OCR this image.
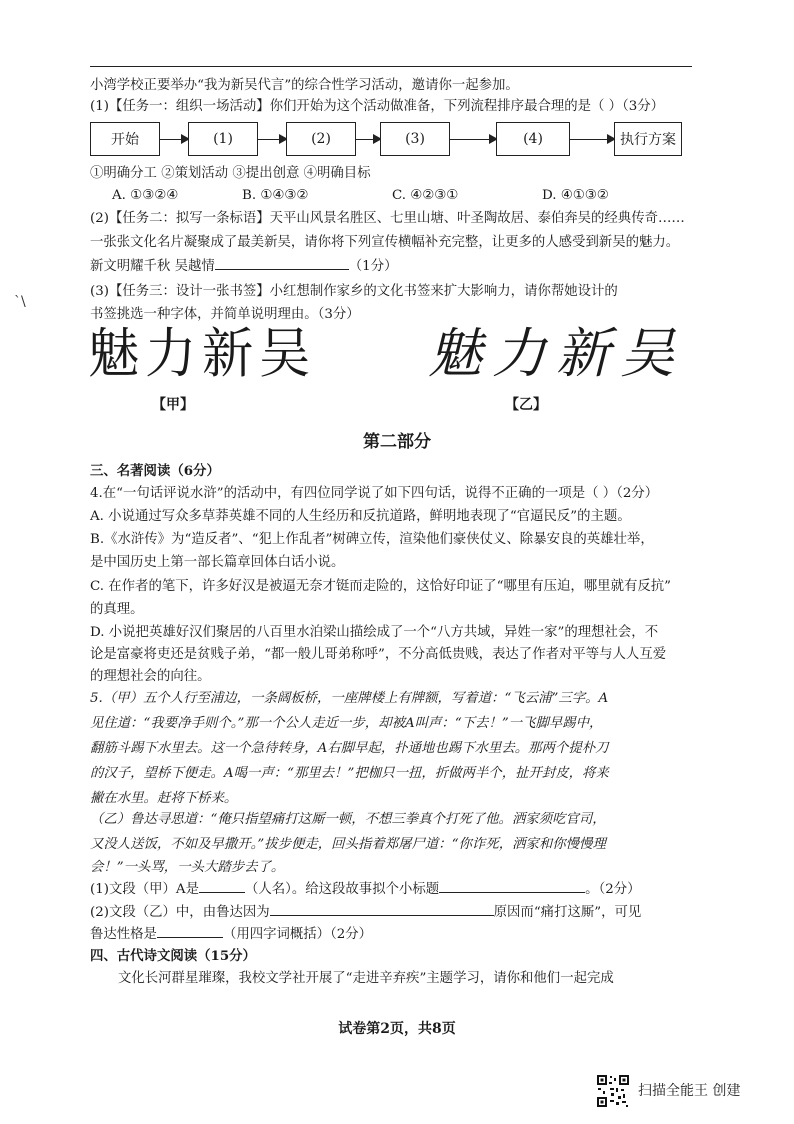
小湾学校正要举办“我为新吴代言”的综合性学习活动，邀请你一起参加。
(1)【任务一：组织一场活动】你们开始为这个活动做准备，下列流程排序最合理的是（ ）（3分）
开始	(1)	(2)	(3)	(4)	执行方案
①明确分工 ②策划活动 ③提出创意 ④明确目标
A. ①③②④	B. ①④③②	C. ④②③①	D. ④①③②
(2)【任务二：拟写一条标语】天平山风景名胜区、七里山塘、叶圣陶故居、泰伯奔吴的经典传奇……
一张张文化名片凝聚成了最美新吴，请你将下列宣传横幅补充完整，让更多的人感受到新吴的魅力。
新文明耀千秋 吴越情	（1分）
(3)【任务三：设计一张书签】小红想制作家乡的文化书签来扩大影响力，请你帮她设计的
书签挑选一种字体，并简单说明理由。（3分）
魅力新吴 魅力新吴
【甲】	【乙】
第二部分
三、名著阅读（6分）
4.在“一句话评说水浒”的活动中，有四位同学说了如下四句话，说得不正确的一项是（ ）（2分）
A. 小说通过写众多草莽英雄不同的人生经历和反抗道路，鲜明地表现了“官逼民反”的主题。
B.《水浒传》为“造反者”、“犯上作乱者”树碑立传，渲染他们豪侠仗义、除暴安良的英雄壮举，
是中国历史上第一部长篇章回体白话小说。
C. 在作者的笔下，许多好汉是被逼无奈才铤而走险的，这恰好印证了“哪里有压迫，哪里就有反抗”
的真理。
D. 小说把英雄好汉们聚居的八百里水泊梁山描绘成了一个“八方共域，异姓一家”的理想社会，不
论是富豪将吏还是贫贱子弟，“都一般儿哥弟称呼”，不分高低贵贱，表达了作者对平等与人人互爱
的理想社会的向往。
5.（甲）五个人行至浦边，一条阔板桥，一座牌楼上有牌额，写着道：“飞云浦”三字。A
见住道：“我要净手则个。”那一个公人走近一步，却被A叫声：“下去！”一飞脚早踢中，
翻筋斗踢下水里去。这一个急待转身，A右脚早起，扑通地也踢下水里去。那两个提朴刀
的汉子，望桥下便走。A喝一声：“那里去！”把枷只一扭，折做两半个，扯开封皮，将来
撇在水里。赶将下桥来。
（乙）鲁达寻思道：“俺只指望痛打这厮一顿，不想三拳真个打死了他。洒家须吃官司，
又没人送饭，不如及早撒开。”拔步便走，回头指着郑屠尸道：“你诈死，洒家和你慢慢理
会！”一头骂，一头大踏步去了。
(1)文段（甲）A是	（人名）。给这段故事拟个小标题	。（2分）
(2)文段（乙）中，由鲁达因为	原因而“痛打这厮”，可见
鲁达性格是	（用四字词概括）（2分）
四、古代诗文阅读（15分）
文化长河群星璀璨，我校文学社开展了“走进辛弃疾”主题学习，请你和他们一起完成
试卷第2页，共8页
ˋ\
扫描全能王 创建
